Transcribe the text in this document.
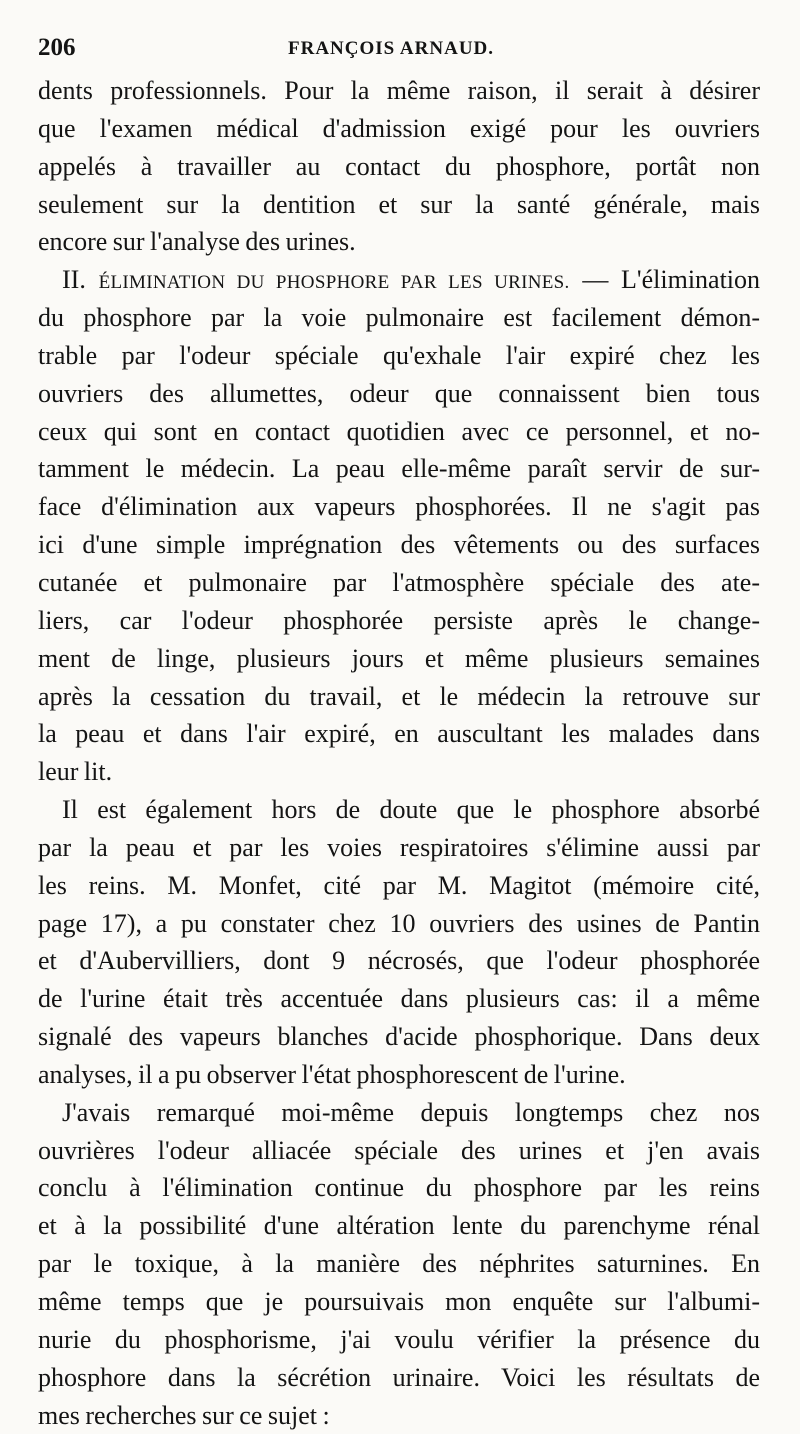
206	FRANÇOIS ARNAUD.
dents professionnels. Pour la même raison, il serait à désirer
que l'examen médical d'admission exigé pour les ouvriers
appelés à travailler au contact du phosphore, portât non
seulement sur la dentition et sur la santé générale, mais
encore sur l'analyse des urines.
II. ÉLIMINATION DU PHOSPHORE PAR LES URINES. — L'élimination
du phosphore par la voie pulmonaire est facilement démon-
trable par l'odeur spéciale qu'exhale l'air expiré chez les
ouvriers des allumettes, odeur que connaissent bien tous
ceux qui sont en contact quotidien avec ce personnel, et no-
tamment le médecin. La peau elle-même paraît servir de sur-
face d'élimination aux vapeurs phosphorées. Il ne s'agit pas
ici d'une simple imprégnation des vêtements ou des surfaces
cutanée et pulmonaire par l'atmosphère spéciale des ate-
liers, car l'odeur phosphorée persiste après le change-
ment de linge, plusieurs jours et même plusieurs semaines
après la cessation du travail, et le médecin la retrouve sur
la peau et dans l'air expiré, en auscultant les malades dans
leur lit.
Il est également hors de doute que le phosphore absorbé
par la peau et par les voies respiratoires s'élimine aussi par
les reins. M. Monfet, cité par M. Magitot (mémoire cité,
page 17), a pu constater chez 10 ouvriers des usines de Pantin
et d'Aubervilliers, dont 9 nécrosés, que l'odeur phosphorée
de l'urine était très accentuée dans plusieurs cas: il a même
signalé des vapeurs blanches d'acide phosphorique. Dans deux
analyses, il a pu observer l'état phosphorescent de l'urine.
J'avais remarqué moi-même depuis longtemps chez nos
ouvrières l'odeur alliacée spéciale des urines et j'en avais
conclu à l'élimination continue du phosphore par les reins
et à la possibilité d'une altération lente du parenchyme rénal
par le toxique, à la manière des néphrites saturnines. En
même temps que je poursuivais mon enquête sur l'albumi-
nurie du phosphorisme, j'ai voulu vérifier la présence du
phosphore dans la sécrétion urinaire. Voici les résultats de
mes recherches sur ce sujet :
